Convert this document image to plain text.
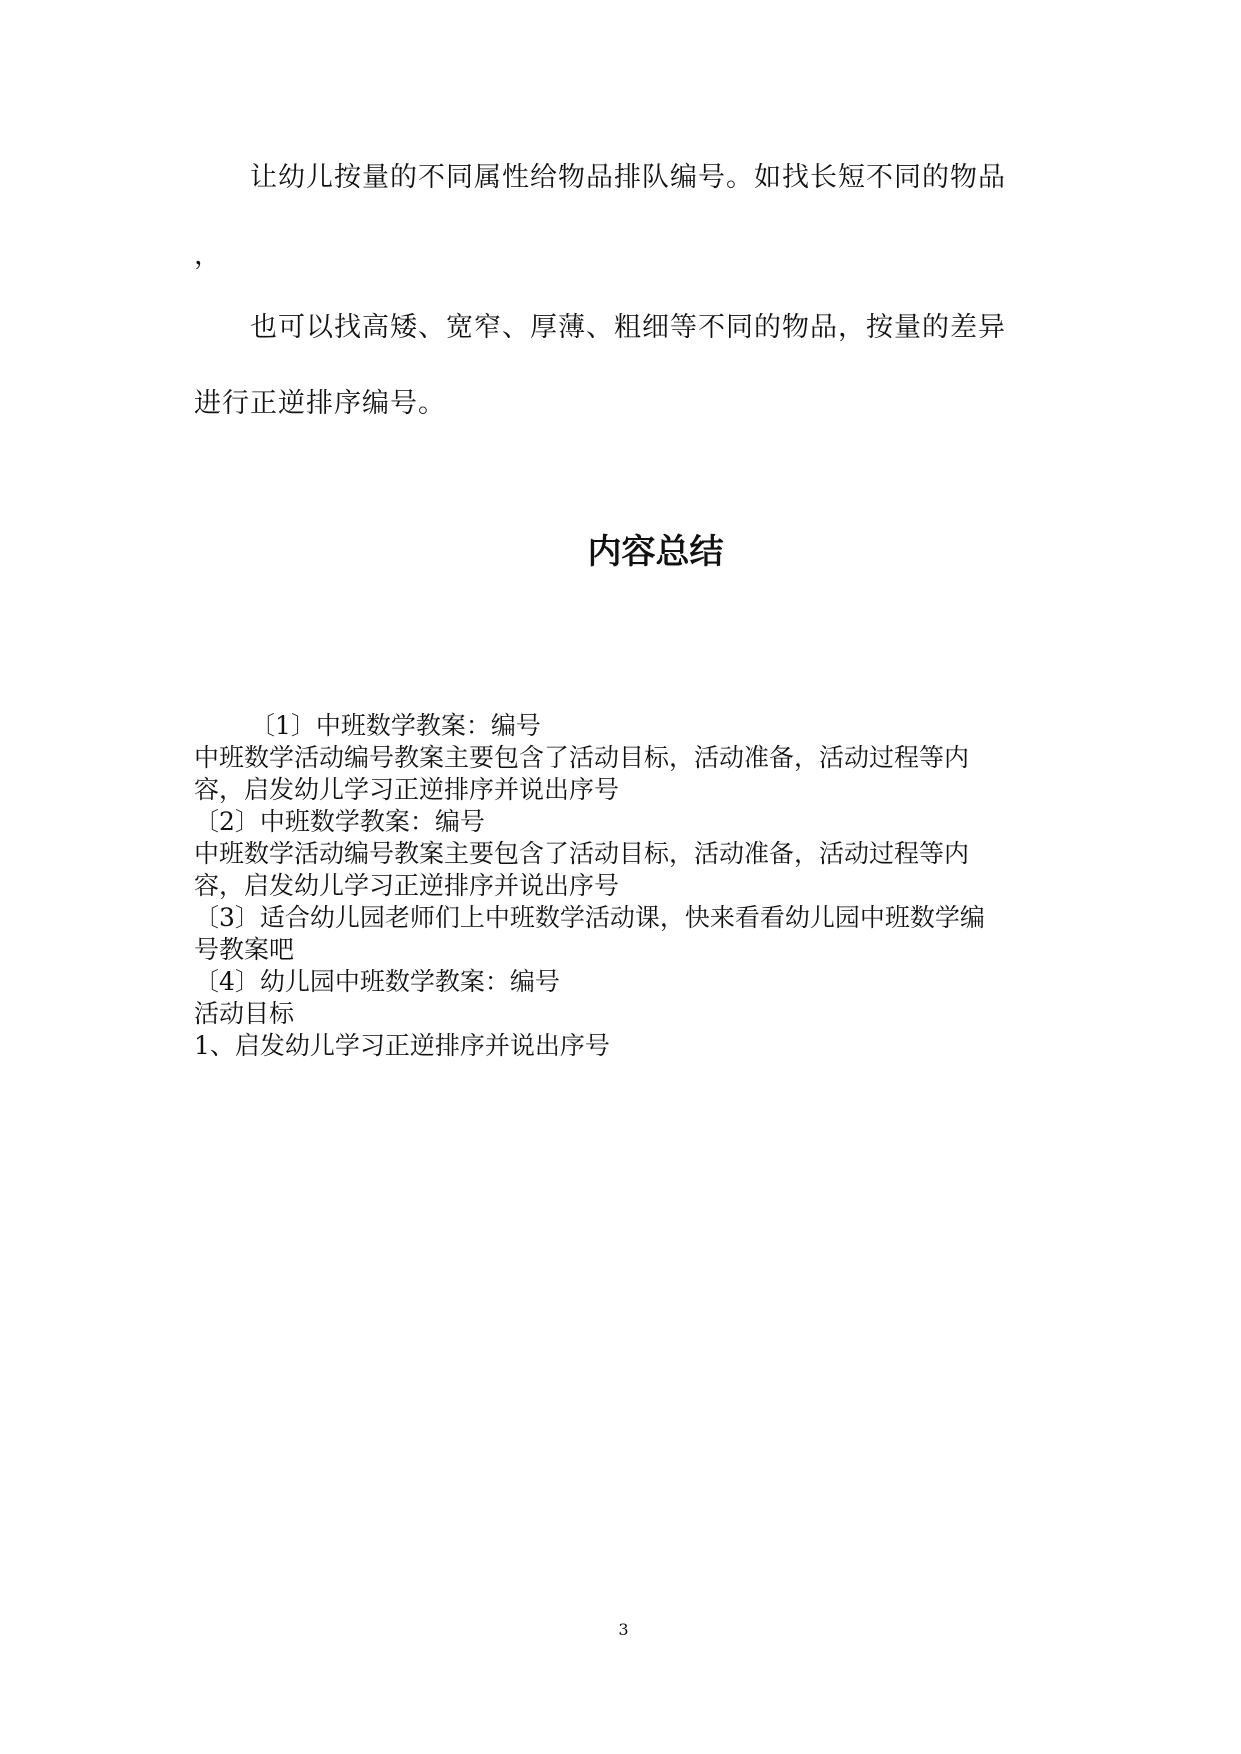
让幼儿按量的不同属性给物品排队编号。如找长短不同的物品
，
也可以找高矮、宽窄、厚薄、粗细等不同的物品，按量的差异
进行正逆排序编号。
内容总结
〔1〕中班数学教案：编号
中班数学活动编号教案主要包含了活动目标，活动准备，活动过程等内
容，启发幼儿学习正逆排序并说出序号
〔2〕中班数学教案：编号
中班数学活动编号教案主要包含了活动目标，活动准备，活动过程等内
容，启发幼儿学习正逆排序并说出序号
〔3〕适合幼儿园老师们上中班数学活动课，快来看看幼儿园中班数学编
号教案吧
〔4〕幼儿园中班数学教案：编号
活动目标
1、启发幼儿学习正逆排序并说出序号
3
